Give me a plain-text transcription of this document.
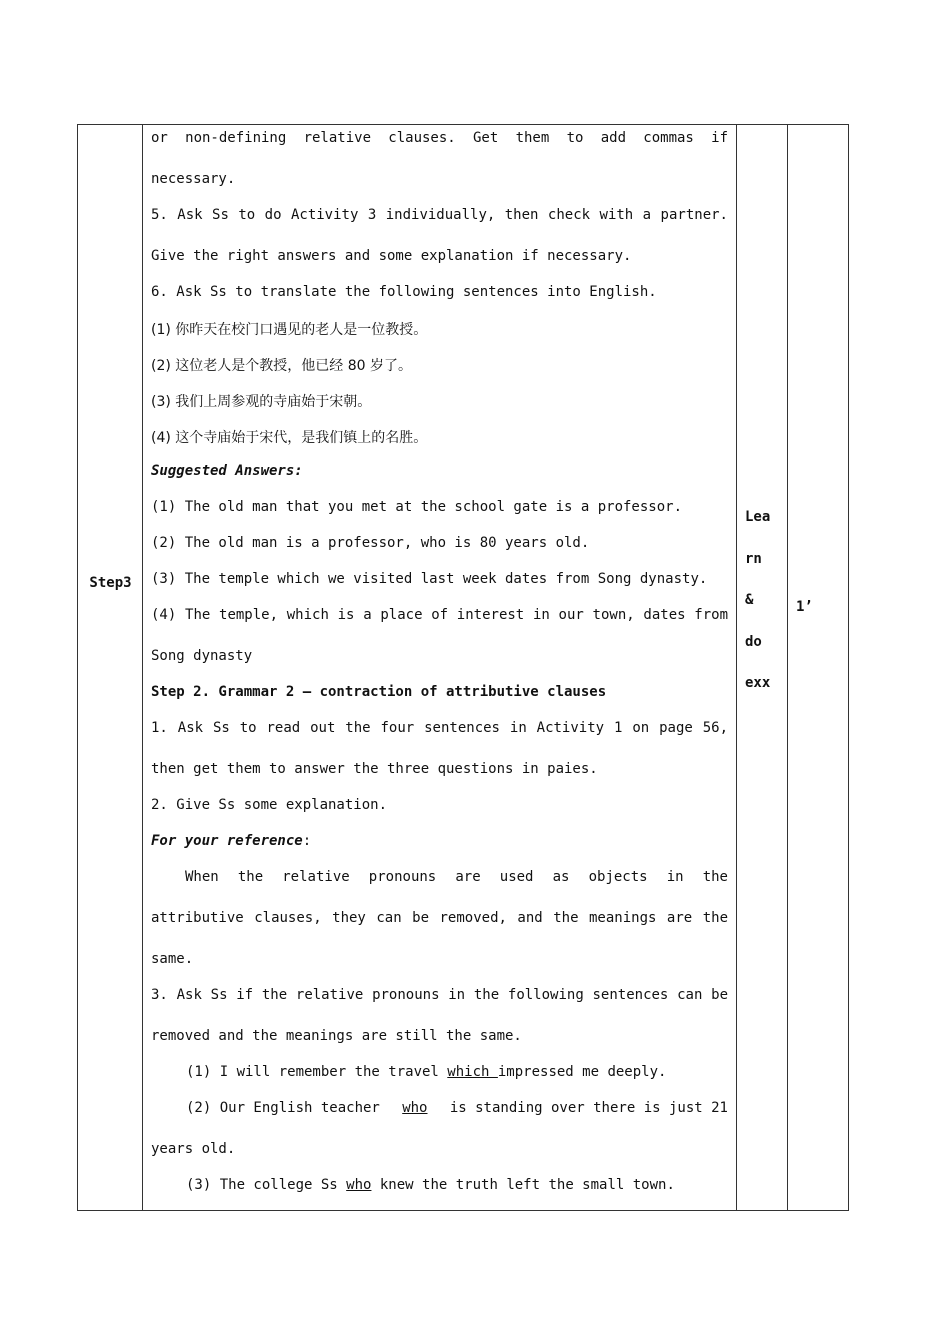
Step3
Lea
rn
&
do
exx
1’
or non-defining relative clauses. Get them to add commas if
necessary.
5. Ask Ss to do Activity 3 individually, then check with a partner.
Give the right answers and some explanation if necessary.
6. Ask Ss to translate the following sentences into English.
(1) 你昨天在校门口遇见的老人是一位教授。
(2) 这位老人是个教授，他已经 80 岁了。
(3) 我们上周参观的寺庙始于宋朝。
(4) 这个寺庙始于宋代，是我们镇上的名胜。
Suggested Answers:
(1) The old man that you met at the school gate is a professor.
(2) The old man is a professor, who is 80 years old.
(3) The temple which we visited last week dates from Song dynasty.
(4) The temple, which is a place of interest in our town, dates from
Song dynasty
Step 2. Grammar 2 – contraction of attributive clauses
1. Ask Ss to read out the four sentences in Activity 1 on page 56,
then get them to answer the three questions in paies.
2. Give Ss some explanation.
For your reference:
When the relative pronouns are used as objects in the
attributive clauses, they can be removed, and the meanings are the
same.
3. Ask Ss if the relative pronouns in the following sentences can be
removed and the meanings are still the same.
(1) I will remember the travel which impressed me deeply.
(2) Our English teacher who is standing over there is just 21
years old.
(3) The college Ss who knew the truth left the small town.
